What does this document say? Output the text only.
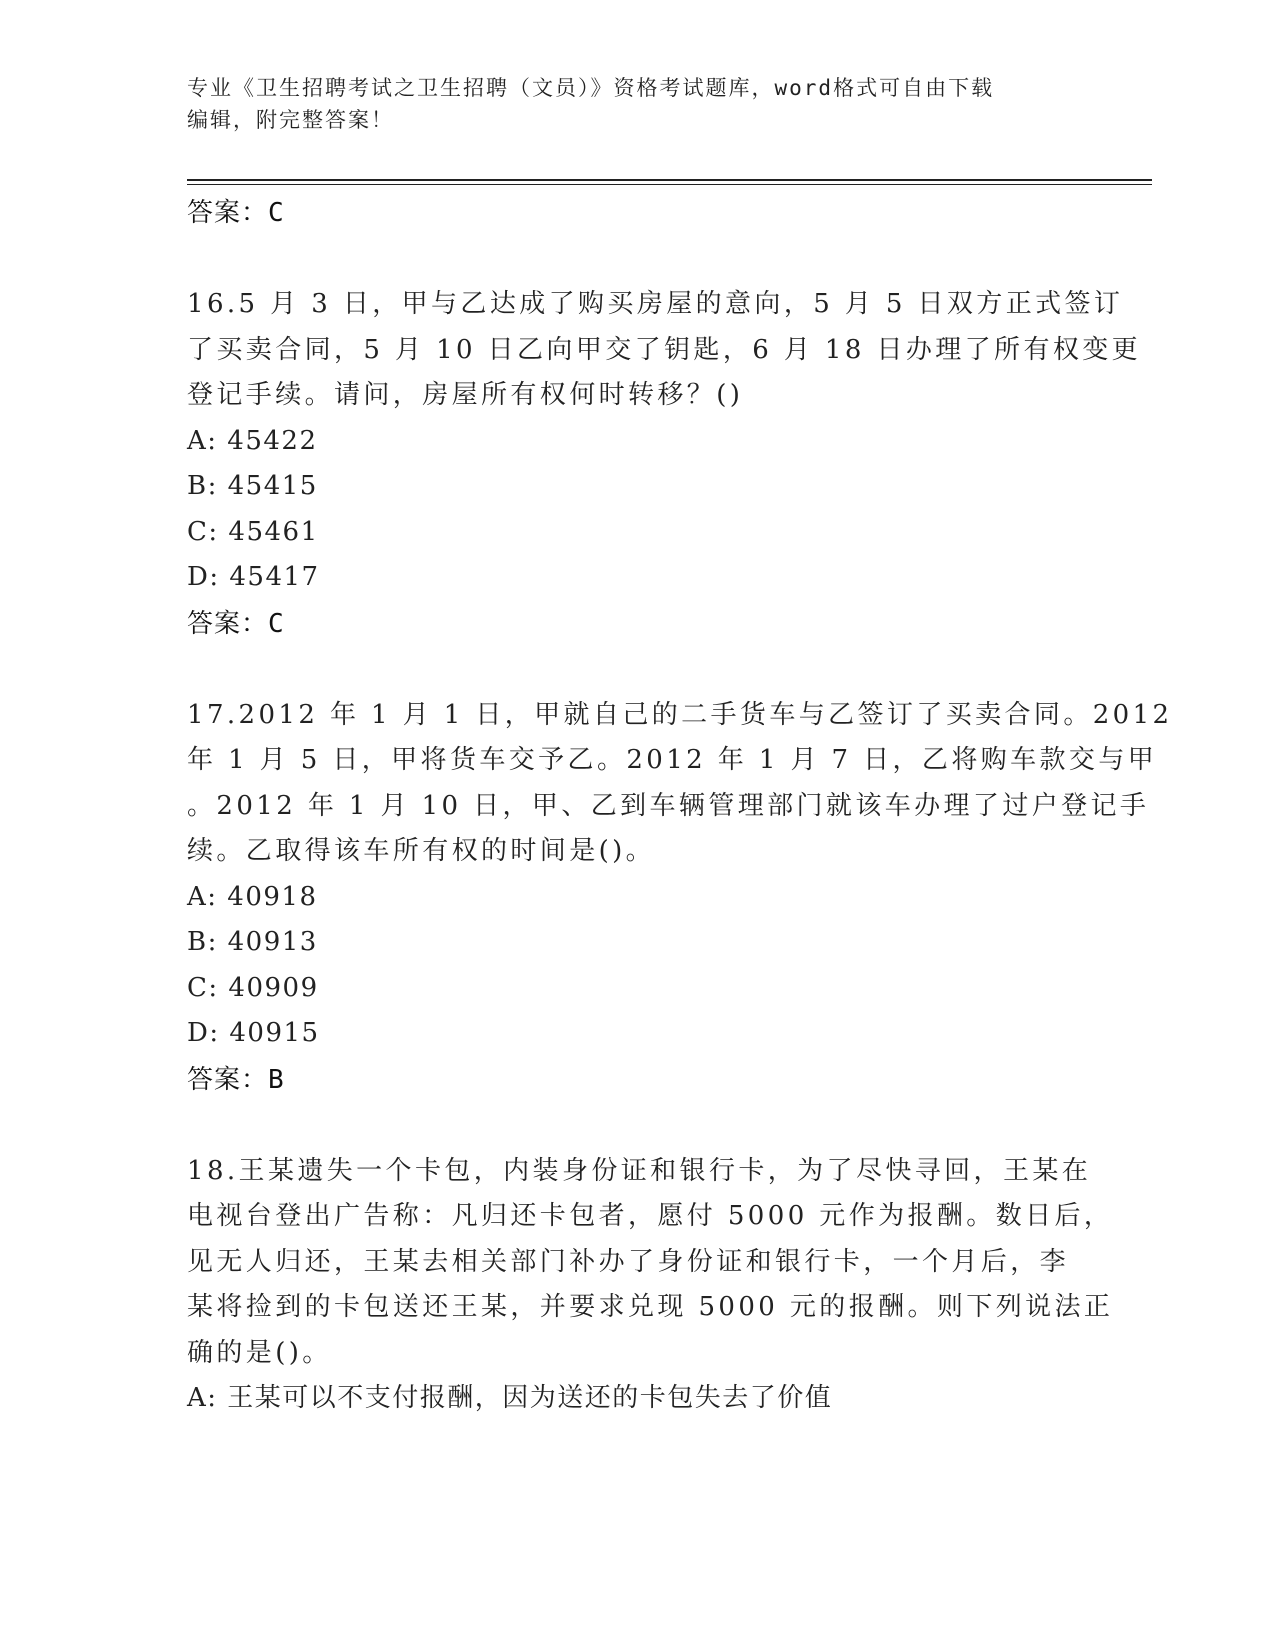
专业《卫生招聘考试之卫生招聘（文员）》资格考试题库，word格式可自由下载
编辑，附完整答案！
答案：C
16.5 月 3 日，甲与乙达成了购买房屋的意向，5 月 5 日双方正式签订
了买卖合同，5 月 10 日乙向甲交了钥匙，6 月 18 日办理了所有权变更
登记手续。请问，房屋所有权何时转移？()
A: 45422
B: 45415
C: 45461
D: 45417
答案：C
17.2012 年 1 月 1 日，甲就自己的二手货车与乙签订了买卖合同。2012
年 1 月 5 日，甲将货车交予乙。2012 年 1 月 7 日，乙将购车款交与甲
。2012 年 1 月 10 日，甲、乙到车辆管理部门就该车办理了过户登记手
续。乙取得该车所有权的时间是()。
A: 40918
B: 40913
C: 40909
D: 40915
答案：B
18.王某遗失一个卡包，内装身份证和银行卡，为了尽快寻回，王某在
电视台登出广告称：凡归还卡包者，愿付 5000 元作为报酬。数日后，
见无人归还，王某去相关部门补办了身份证和银行卡，一个月后，李
某将捡到的卡包送还王某，并要求兑现 5000 元的报酬。则下列说法正
确的是()。
A: 王某可以不支付报酬，因为送还的卡包失去了价值
